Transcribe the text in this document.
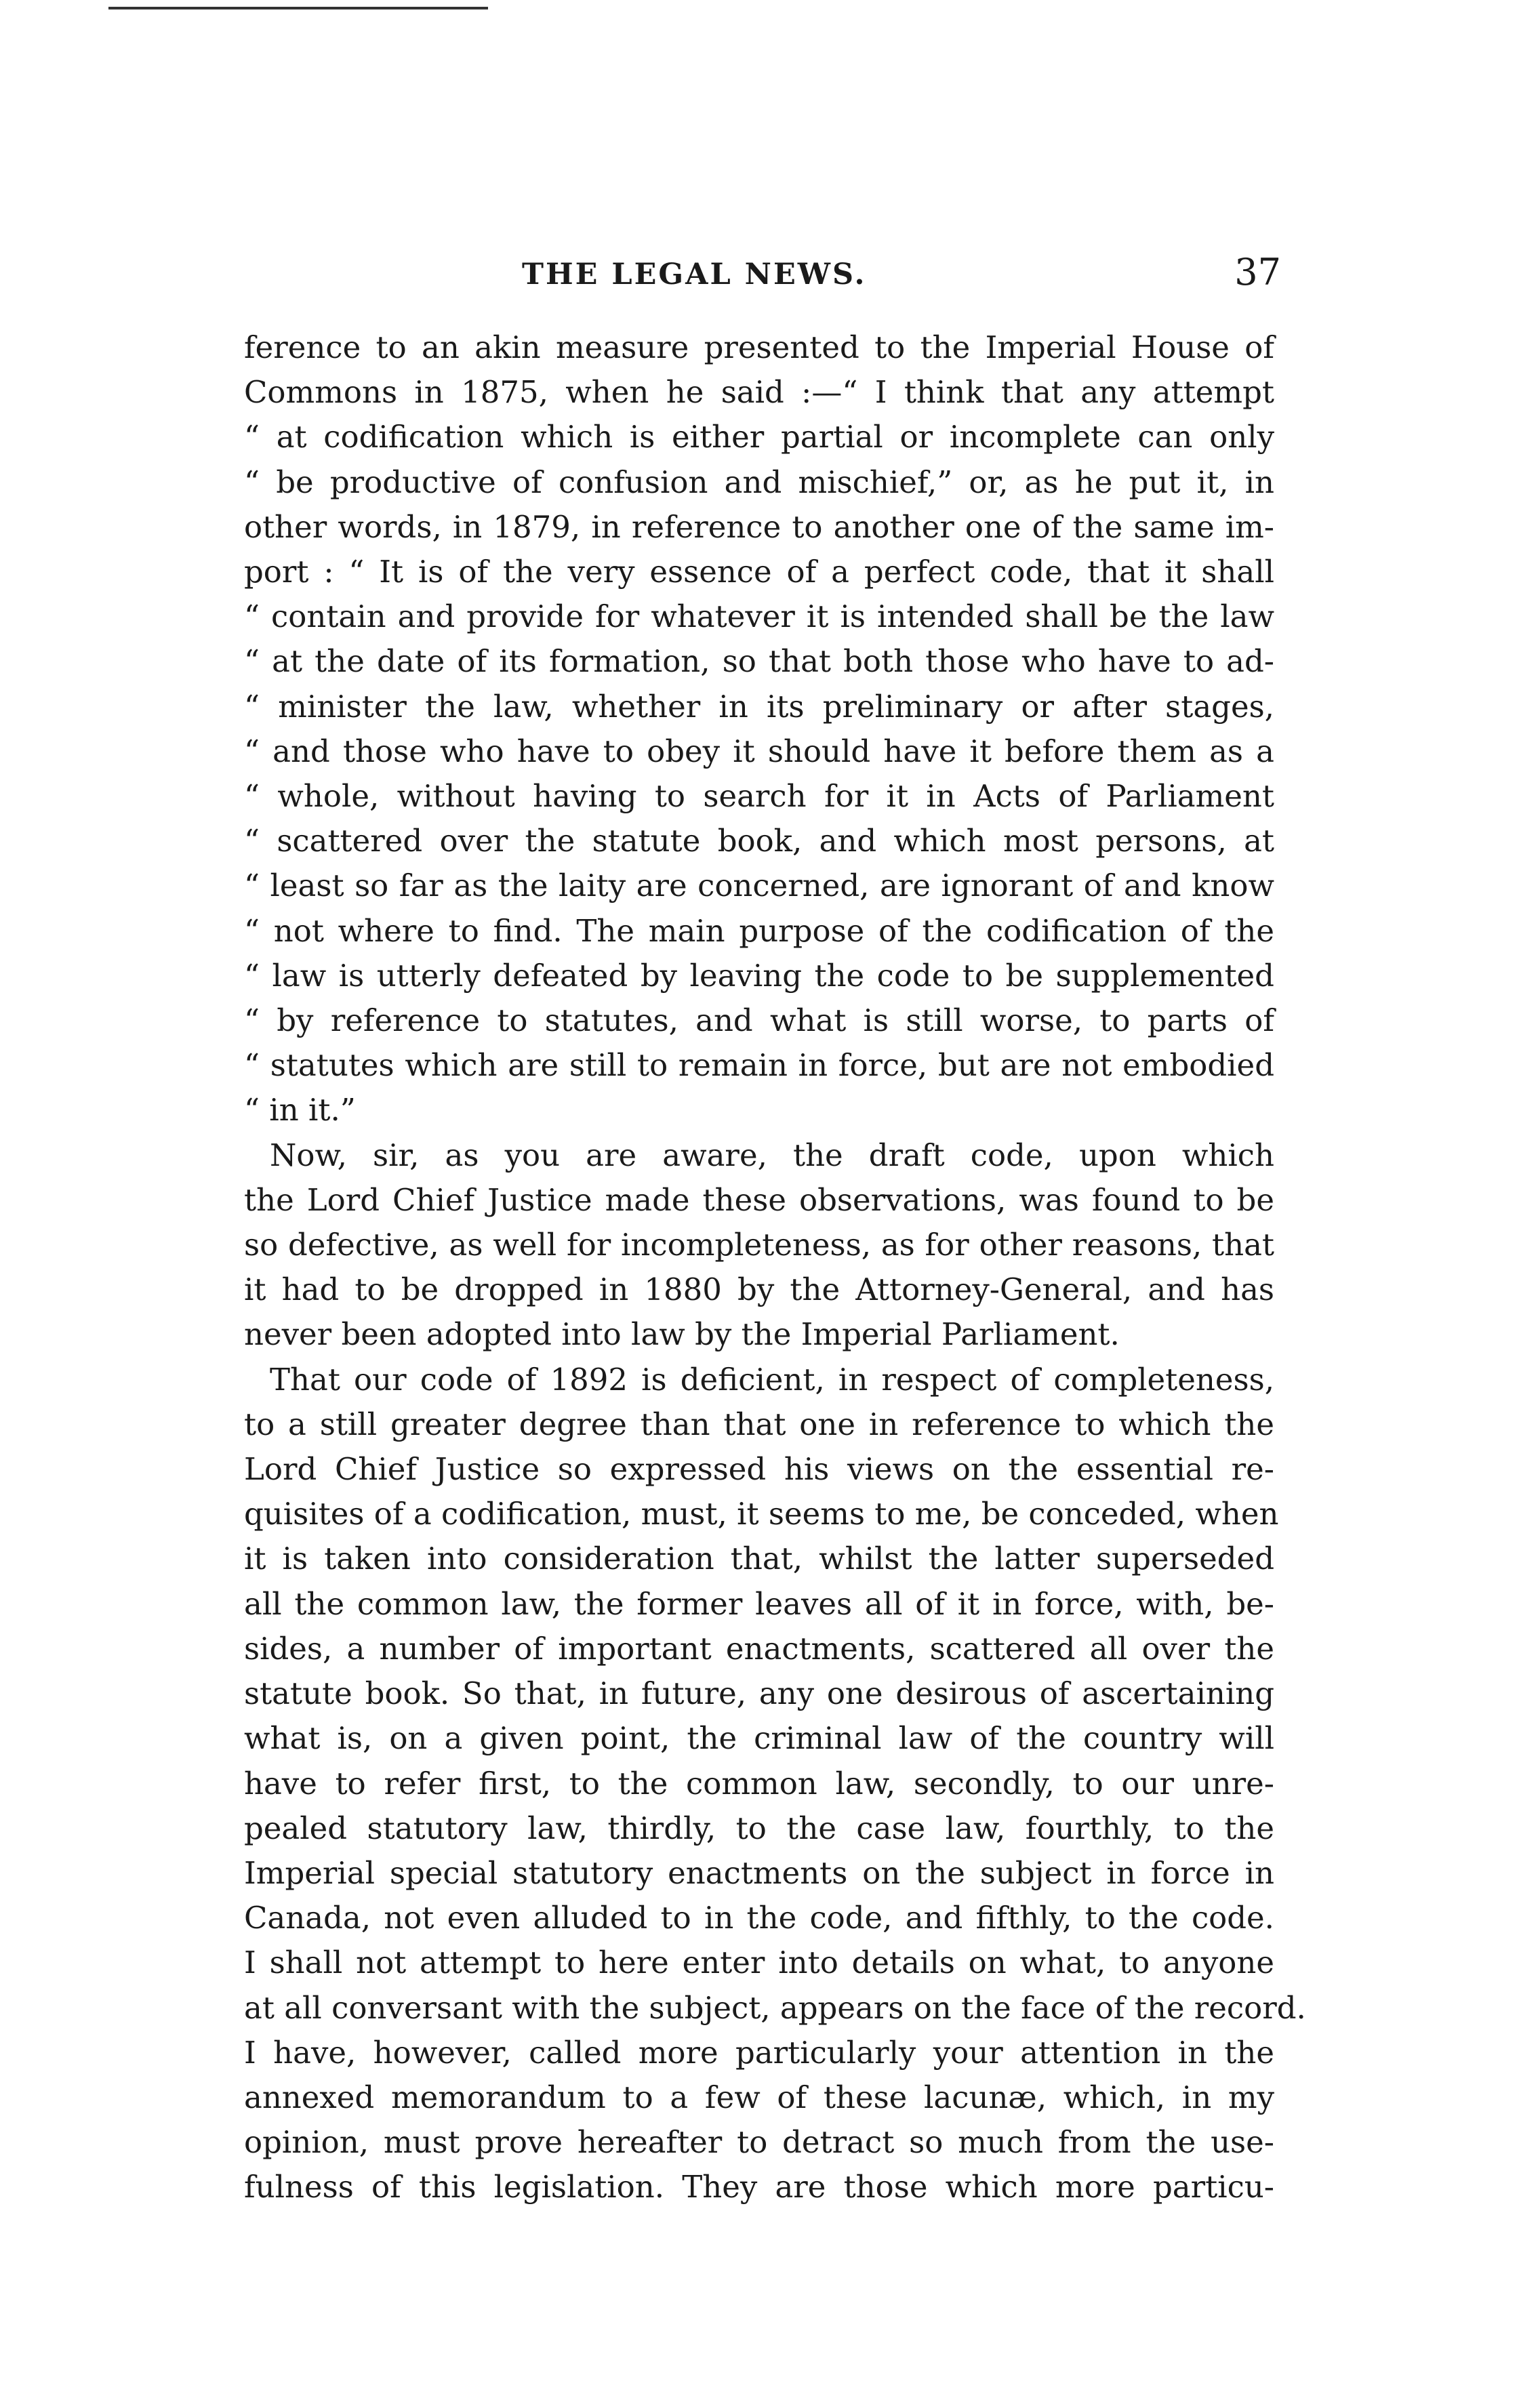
THE LEGAL NEWS.	37
ference to an akin measure presented to the Imperial House of
Commons in 1875, when he said :—“ I think that any attempt
“ at codification which is either partial or incomplete can only
“ be productive of confusion and mischief,” or, as he put it, in
other words, in 1879, in reference to another one of the same im-
port : “ It is of the very essence of a perfect code, that it shall
“ contain and provide for whatever it is intended shall be the law
“ at the date of its formation, so that both those who have to ad-
“ minister the law, whether in its preliminary or after stages,
“ and those who have to obey it should have it before them as a
“ whole, without having to search for it in Acts of Parliament
“ scattered over the statute book, and which most persons, at
“ least so far as the laity are concerned, are ignorant of and know
“ not where to find. The main purpose of the codification of the
“ law is utterly defeated by leaving the code to be supplemented
“ by reference to statutes, and what is still worse, to parts of
“ statutes which are still to remain in force, but are not embodied
“ in it.”
Now, sir, as you are aware, the draft code, upon which
the Lord Chief Justice made these observations, was found to be
so defective, as well for incompleteness, as for other reasons, that
it had to be dropped in 1880 by the Attorney-General, and has
never been adopted into law by the Imperial Parliament.
That our code of 1892 is deficient, in respect of completeness,
to a still greater degree than that one in reference to which the
Lord Chief Justice so expressed his views on the essential re-
quisites of a codification, must, it seems to me, be conceded, when
it is taken into consideration that, whilst the latter superseded
all the common law, the former leaves all of it in force, with, be-
sides, a number of important enactments, scattered all over the
statute book. So that, in future, any one desirous of ascertaining
what is, on a given point, the criminal law of the country will
have to refer first, to the common law, secondly, to our unre-
pealed statutory law, thirdly, to the case law, fourthly, to the
Imperial special statutory enactments on the subject in force in
Canada, not even alluded to in the code, and fifthly, to the code.
I shall not attempt to here enter into details on what, to anyone
at all conversant with the subject, appears on the face of the record.
I have, however, called more particularly your attention in the
annexed memorandum to a few of these lacunæ, which, in my
opinion, must prove hereafter to detract so much from the use-
fulness of this legislation. They are those which more particu-
